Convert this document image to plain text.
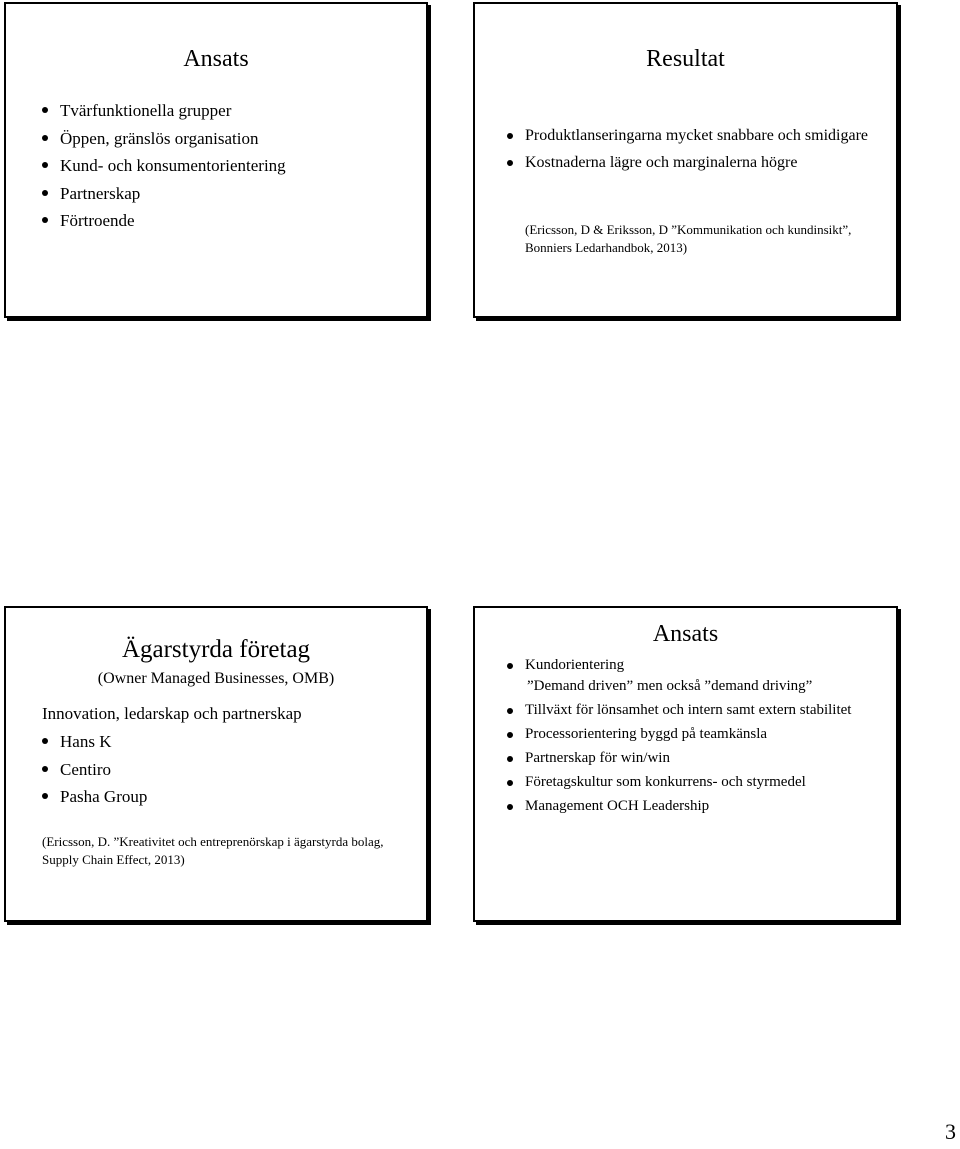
Ansats
Tvärfunktionella grupper
Öppen, gränslös organisation
Kund- och konsumentorientering
Partnerskap
Förtroende
Resultat
Produktlanseringarna mycket snabbare och smidigare
Kostnaderna lägre och marginalerna högre
(Ericsson, D & Eriksson, D ”Kommunikation och kundinsikt”, Bonniers Ledarhandbok, 2013)
Ägarstyrda företag
(Owner Managed Businesses, OMB)
Innovation, ledarskap och partnerskap
Hans K
Centiro
Pasha Group
(Ericsson, D. ”Kreativitet och entreprenörskap i ägarstyrda bolag, Supply Chain Effect, 2013)
Ansats
Kundorientering
”Demand driven” men också ”demand driving”
Tillväxt för lönsamhet och intern samt extern stabilitet
Processorientering byggd på teamkänsla
Partnerskap för win/win
Företagskultur som konkurrens- och styrmedel
Management OCH Leadership
3
